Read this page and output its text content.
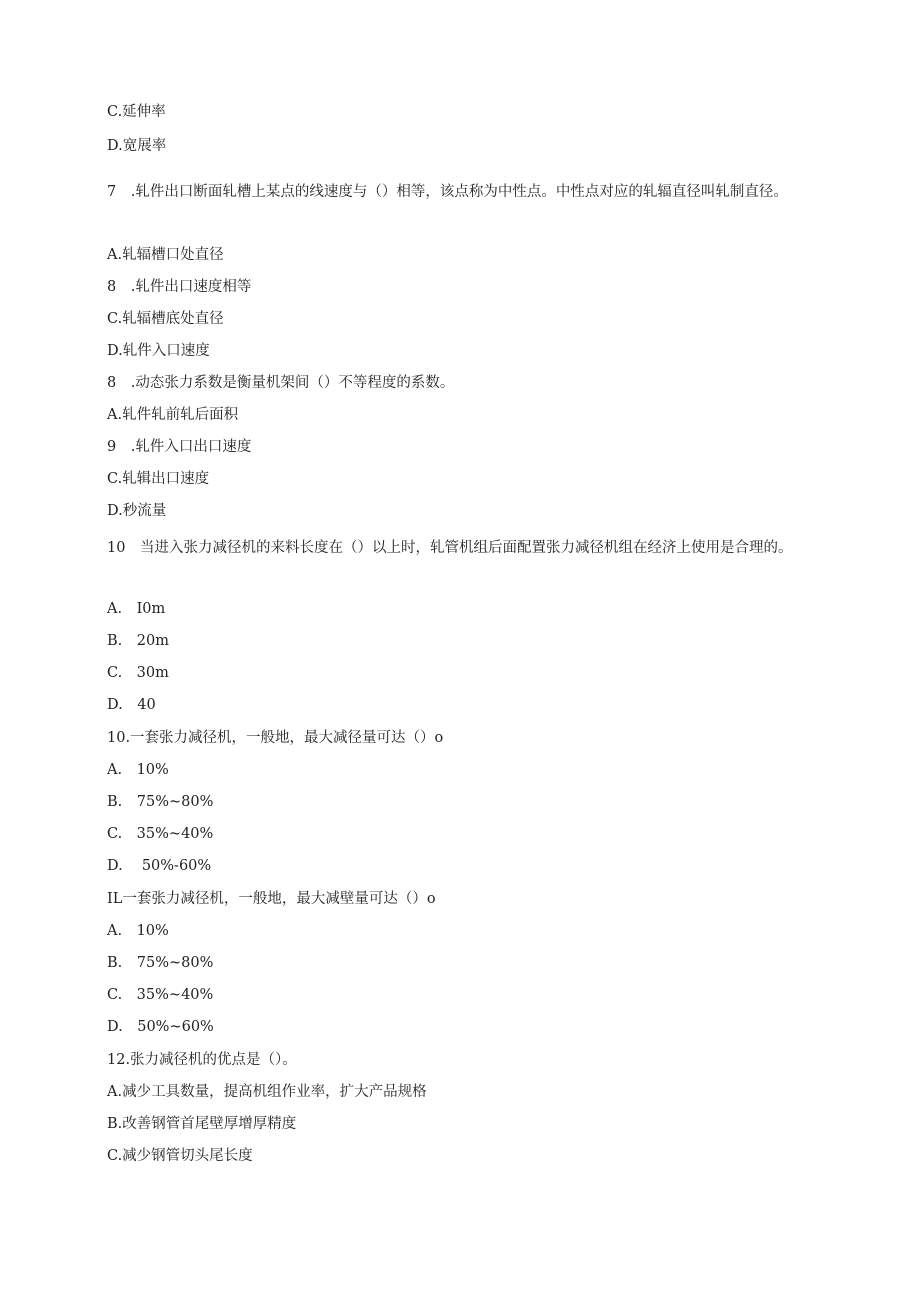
C.延伸率
D.宽展率
7　.轧件出口断面轧槽上某点的线速度与（）相等，该点称为中性点。中性点对应的轧辐直径叫轧制直径。
A.轧辐槽口处直径
8　.轧件出口速度相等
C.轧辐槽底处直径
D.轧件入口速度
8　.动态张力系数是衡量机架间（）不等程度的系数。
A.轧件轧前轧后面积
9　.轧件入口出口速度
C.轧辑出口速度
D.秒流量
10　当进入张力减径机的来料长度在（）以上时，轧管机组后面配置张力减径机组在经济上使用是合理的。
A.　I0m
B.　20m
C.　30m
D.　40
10.一套张力减径机，一般地，最大减径量可达（）o
A.　10%
B.　75%~80%
C.　35%~40%
D.　 50%-60%
IL一套张力减径机，一般地，最大减壁量可达（）o
A.　10%
B.　75%~80%
C.　35%~40%
D.　50%~60%
12.张力减径机的优点是（）。
A.减少工具数量，提高机组作业率，扩大产品规格
B.改善钢管首尾壁厚增厚精度
C.减少钢管切头尾长度
